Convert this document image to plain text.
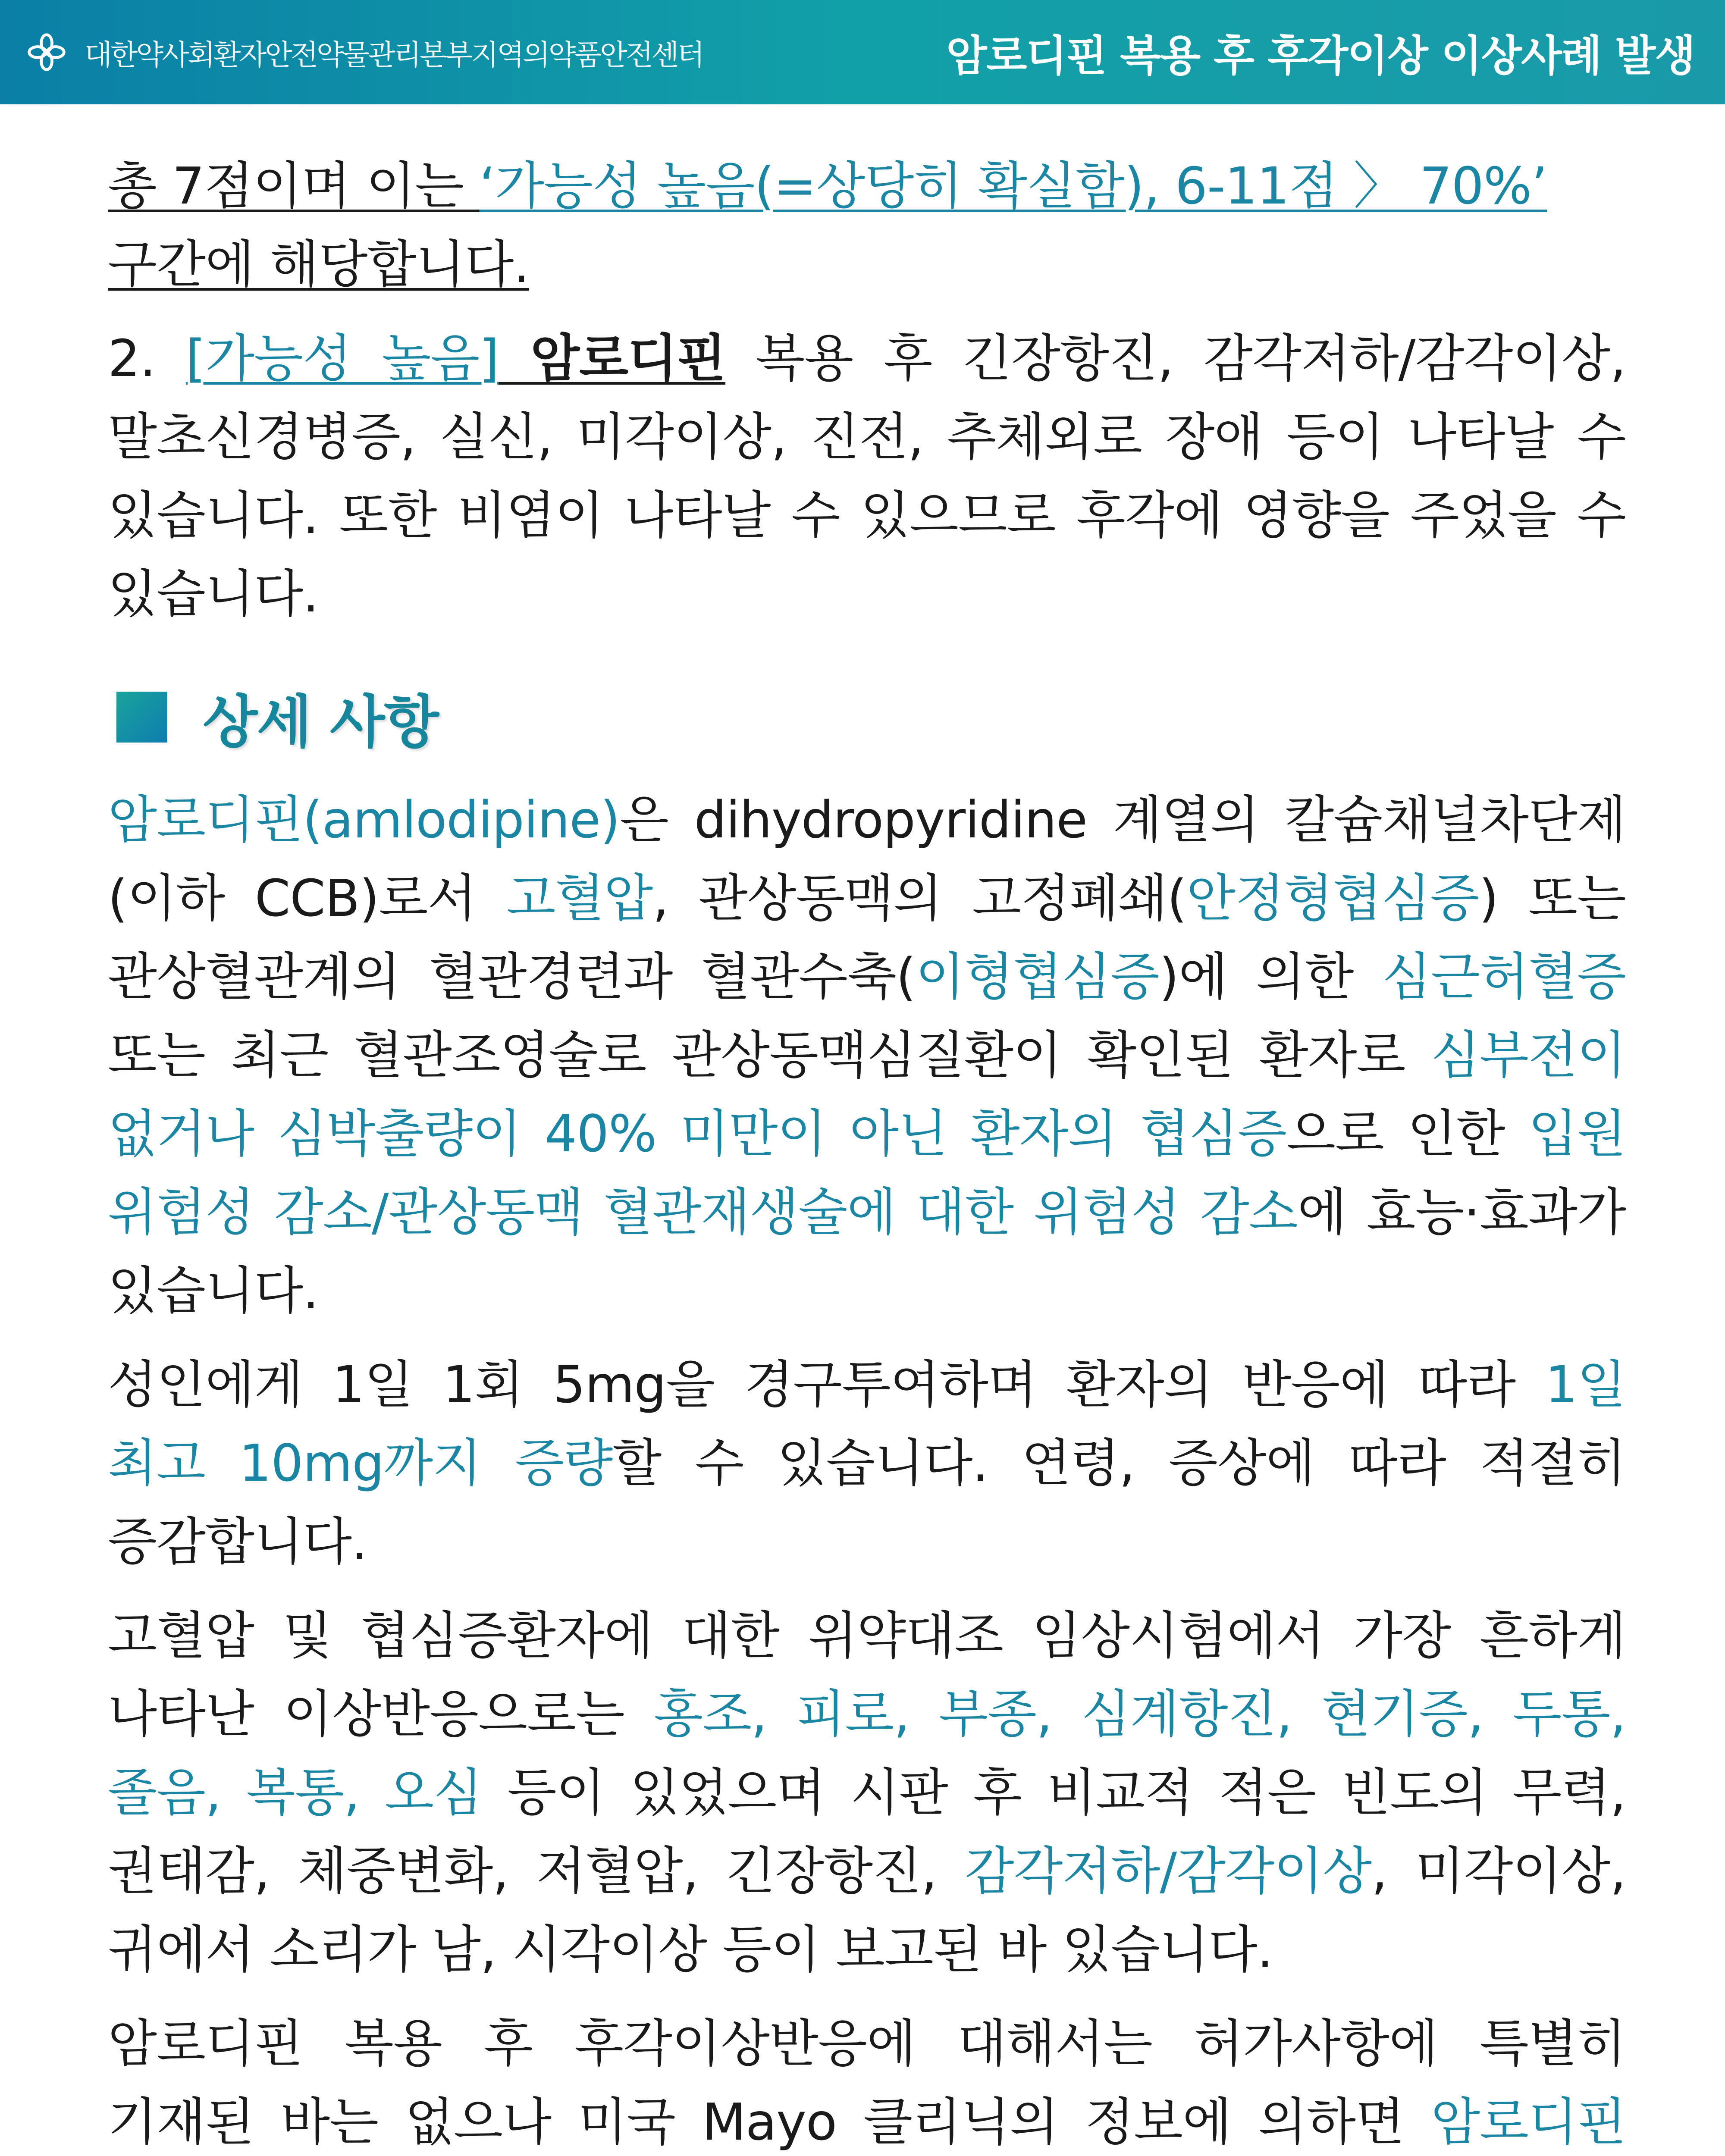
대한약사회환자안전약물관리본부지역의약품안전센터	암로디핀 복용 후 후각이상 이상사례 발생

총 7점이며 이는 ‘가능성 높음(=상당히 확실함), 6-11점 〉 70%’
구간에 해당합니다.

2. [가능성 높음] 암로디핀 복용 후 긴장항진, 감각저하/감각이상, 말초신경병증, 실신, 미각이상, 진전, 추체외로 장애 등이 나타날 수 있습니다. 또한 비염이 나타날 수 있으므로 후각에 영향을 주었을 수 있습니다.

상세 사항

암로디핀(amlodipine)은 dihydropyridine 계열의 칼슘채널차단제(이하 CCB)로서 고혈압, 관상동맥의 고정폐쇄(안정형협심증) 또는 관상혈관계의 혈관경련과 혈관수축(이형협심증)에 의한 심근허혈증 또는 최근 혈관조영술로 관상동맥심질환이 확인된 환자로 심부전이 없거나 심박출량이 40% 미만이 아닌 환자의 협심증으로 인한 입원 위험성 감소/관상동맥 혈관재생술에 대한 위험성 감소에 효능·효과가 있습니다.

성인에게 1일 1회 5mg을 경구투여하며 환자의 반응에 따라 1일 최고 10mg까지 증량할 수 있습니다. 연령, 증상에 따라 적절히 증감합니다.

고혈압 및 협심증환자에 대한 위약대조 임상시험에서 가장 흔하게 나타난 이상반응으로는 홍조, 피로, 부종, 심계항진, 현기증, 두통, 졸음, 복통, 오심 등이 있었으며 시판 후 비교적 적은 빈도의 무력, 권태감, 체중변화, 저혈압, 긴장항진, 감각저하/감각이상, 미각이상, 귀에서 소리가 남, 시각이상 등이 보고된 바 있습니다.

암로디핀 복용 후 후각이상반응에 대해서는 허가사항에 특별히 기재된 바는 없으나 미국 Mayo 클리닉의 정보에 의하면 암로디핀
